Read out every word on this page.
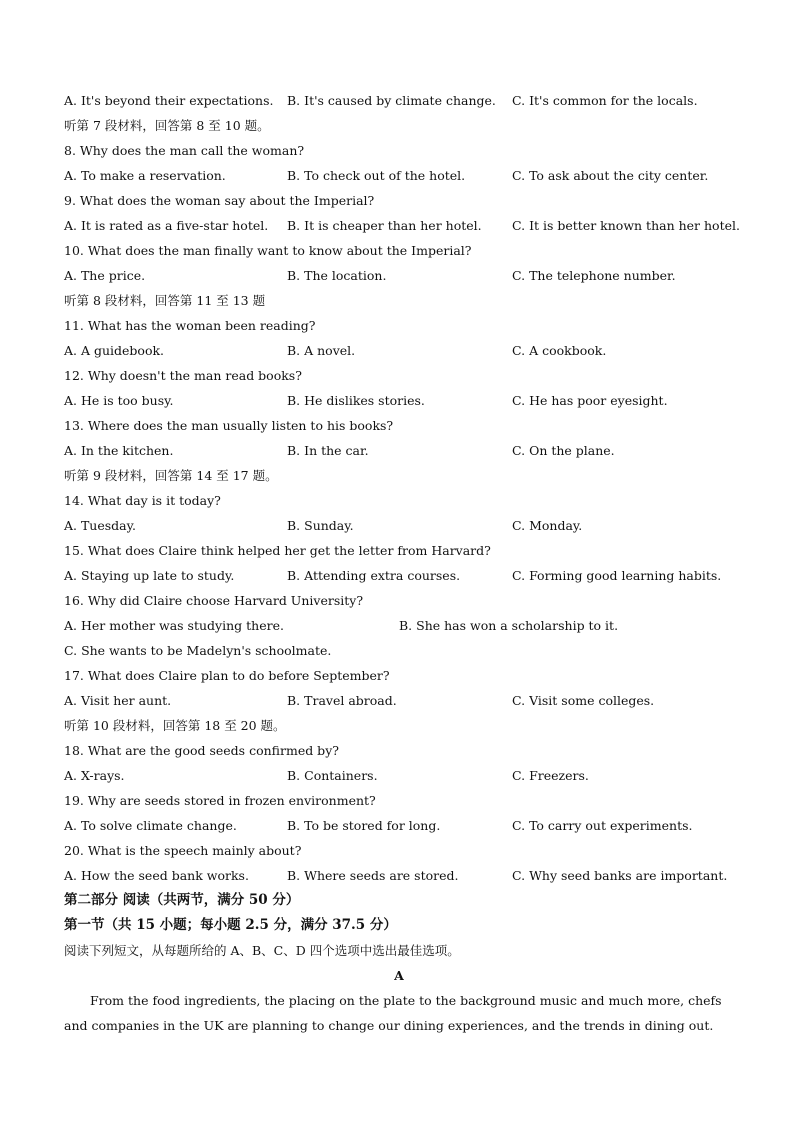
A. It's beyond their expectations. B. It's caused by climate change. C. It's common for the locals.
听第 7 段材料，回答第 8 至 10 题。
8. Why does the man call the woman?
A. To make a reservation.	B. To check out of the hotel.	C. To ask about the city center.
9. What does the woman say about the Imperial?
A. It is rated as a five-star hotel. B. It is cheaper than her hotel. C. It is better known than her hotel.
10. What does the man finally want to know about the Imperial?
A. The price.	B. The location.	C. The telephone number.
听第 8 段材料，回答第 11 至 13 题
11. What has the woman been reading?
A. A guidebook.	B. A novel.	C. A cookbook.
12. Why doesn't the man read books?
A. He is too busy.	B. He dislikes stories.	C. He has poor eyesight.
13. Where does the man usually listen to his books?
A. In the kitchen.	B. In the car.	C. On the plane.
听第 9 段材料，回答第 14 至 17 题。
14. What day is it today?
A. Tuesday.	B. Sunday.	C. Monday.
15. What does Claire think helped her get the letter from Harvard?
A. Staying up late to study.	B. Attending extra courses.	C. Forming good learning habits.
16. Why did Claire choose Harvard University?
A. Her mother was studying there.	B. She has won a scholarship to it.
C. She wants to be Madelyn's schoolmate.
17. What does Claire plan to do before September?
A. Visit her aunt.	B. Travel abroad.	C. Visit some colleges.
听第 10 段材料，回答第 18 至 20 题。
18. What are the good seeds confirmed by?
A. X-rays.	B. Containers.	C. Freezers.
19. Why are seeds stored in frozen environment?
A. To solve climate change.	B. To be stored for long.	C. To carry out experiments.
20. What is the speech mainly about?
A. How the seed bank works.	B. Where seeds are stored.	C. Why seed banks are important.
第二部分 阅读（共两节，满分 50 分）
第一节（共 15 小题；每小题 2.5 分，满分 37.5 分）
阅读下列短文，从每题所给的 A、B、C、D 四个选项中选出最佳选项。
A
From the food ingredients, the placing on the plate to the background music and much more, chefs and companies in the UK are planning to change our dining experiences, and the trends in dining out.
